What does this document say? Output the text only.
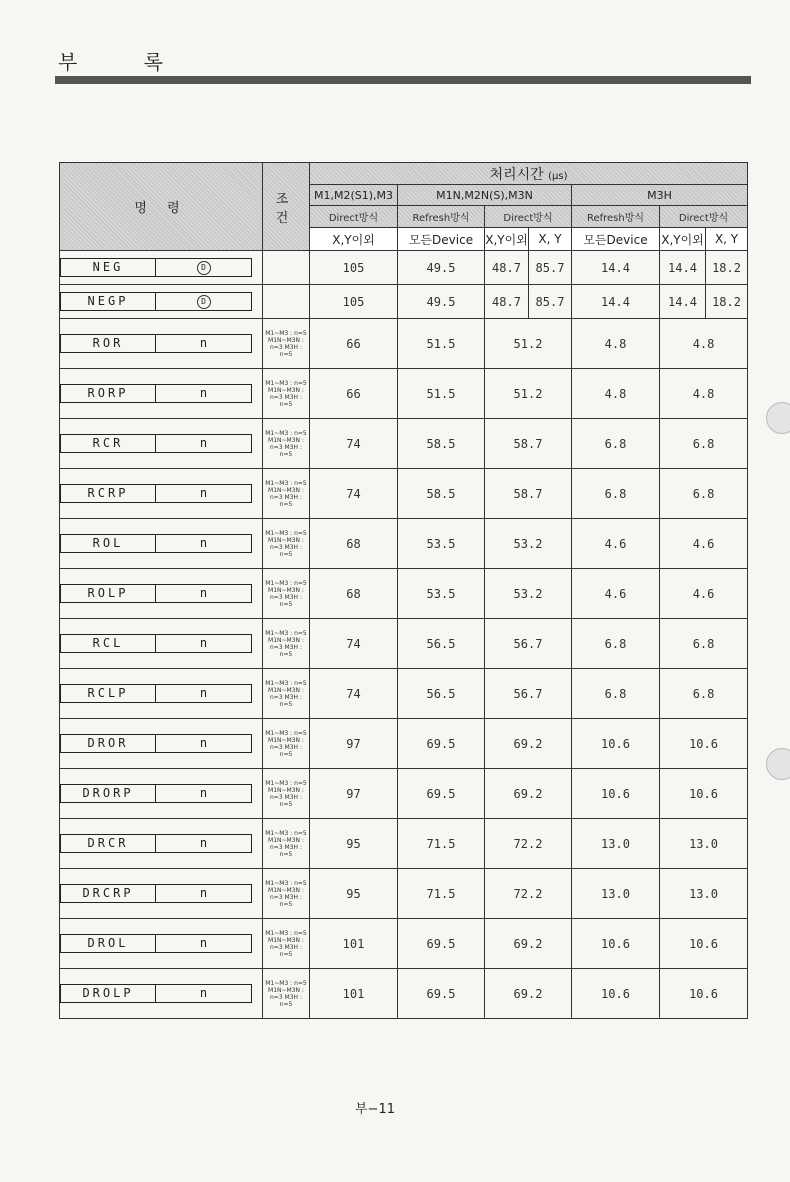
부 록
명 령	조 건	처리시간 (μs)						
		M1,M2(S1),M3	M1N,M2N(S),M3N			M3H		
		Direct방식	Refresh방식	Direct방식		Refresh방식	Direct방식	
		X,Y이외	모든Device	X,Y이외	X, Y	모든Device	X,Y이외	X, Y

NEG D		105	49.5	48.7	85.7	14.4	14.4	18.2

NEGP D		105	49.5	48.7	85.7	14.4	14.4	18.2

ROR n	M1~M3 : n=5 M1N~M3N : n=3 M3H : n=5	66	51.5	51.2		4.8	4.8	

RORP n	M1~M3 : n=5 M1N~M3N : n=3 M3H : n=5	66	51.5	51.2		4.8	4.8	

RCR n	M1~M3 : n=5 M1N~M3N : n=3 M3H : n=5	74	58.5	58.7		6.8	6.8	

RCRP n	M1~M3 : n=5 M1N~M3N : n=3 M3H : n=5	74	58.5	58.7		6.8	6.8	

ROL n	M1~M3 : n=5 M1N~M3N : n=3 M3H : n=5	68	53.5	53.2		4.6	4.6	

ROLP n	M1~M3 : n=5 M1N~M3N : n=3 M3H : n=5	68	53.5	53.2		4.6	4.6	

RCL n	M1~M3 : n=5 M1N~M3N : n=3 M3H : n=5	74	56.5	56.7		6.8	6.8	

RCLP n	M1~M3 : n=5 M1N~M3N : n=3 M3H : n=5	74	56.5	56.7		6.8	6.8	

DROR n	M1~M3 : n=5 M1N~M3N : n=3 M3H : n=5	97	69.5	69.2		10.6	10.6	

DRORP n	M1~M3 : n=5 M1N~M3N : n=3 M3H : n=5	97	69.5	69.2		10.6	10.6	

DRCR n	M1~M3 : n=5 M1N~M3N : n=3 M3H : n=5	95	71.5	72.2		13.0	13.0	

DRCRP n	M1~M3 : n=5 M1N~M3N : n=3 M3H : n=5	95	71.5	72.2		13.0	13.0	

DROL n	M1~M3 : n=5 M1N~M3N : n=3 M3H : n=5	101	69.5	69.2		10.6	10.6	

DROLP n	M1~M3 : n=5 M1N~M3N : n=3 M3H : n=5	101	69.5	69.2		10.6	10.6	
부−11
